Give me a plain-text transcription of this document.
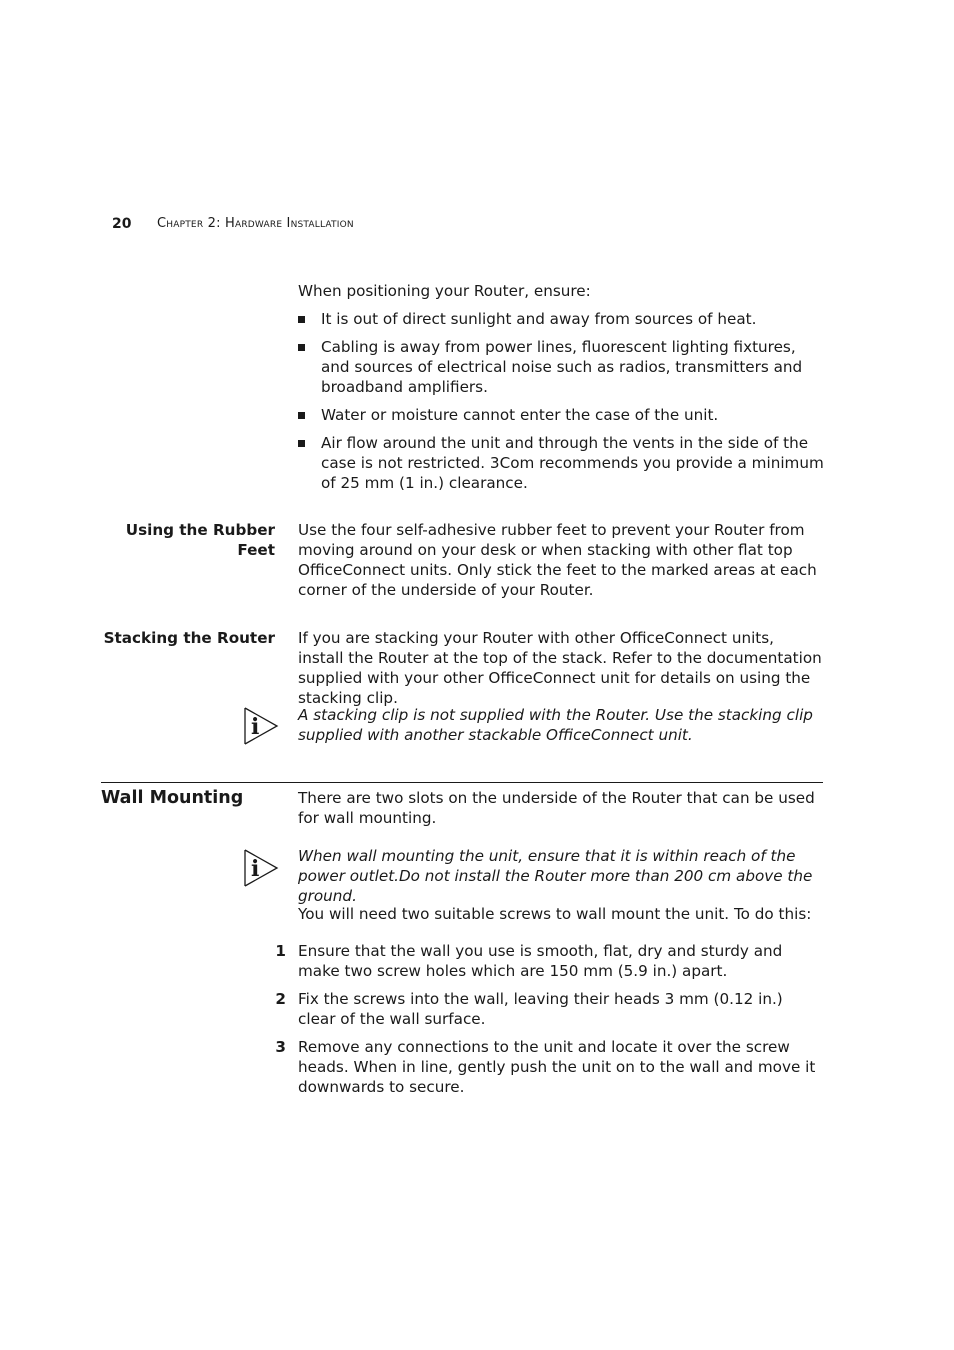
20 Chapter 2: Hardware Installation

When positioning your Router, ensure:

It is out of direct sunlight and away from sources of heat.
Cabling is away from power lines, fluorescent lighting fixtures, and sources of electrical noise such as radios, transmitters and broadband amplifiers.
Water or moisture cannot enter the case of the unit.
Air flow around the unit and through the vents in the side of the case is not restricted. 3Com recommends you provide a minimum of 25 mm (1 in.) clearance.
Using the Rubber Feet

Use the four self-adhesive rubber feet to prevent your Router from moving around on your desk or when stacking with other flat top OfficeConnect units. Only stick the feet to the marked areas at each corner of the underside of your Router.

Stacking the Router If you are stacking your Router with other OfficeConnect units, install the Router at the top of the stack. Refer to the documentation supplied with your other OfficeConnect unit for details on using the stacking clip.

i	A stacking clip is not supplied with the Router. Use the stacking clip supplied with another stackable OfficeConnect unit.

Wall Mounting	There are two slots on the underside of the Router that can be used for wall mounting.

i	When wall mounting the unit, ensure that it is within reach of the power outlet.Do not install the Router more than 200 cm above the ground.

You will need two suitable screws to wall mount the unit. To do this:

1 Ensure that the wall you use is smooth, flat, dry and sturdy and make two screw holes which are 150 mm (5.9 in.) apart.
2 Fix the screws into the wall, leaving their heads 3 mm (0.12 in.) clear of the wall surface.
3 Remove any connections to the unit and locate it over the screw heads. When in line, gently push the unit on to the wall and move it downwards to secure.
